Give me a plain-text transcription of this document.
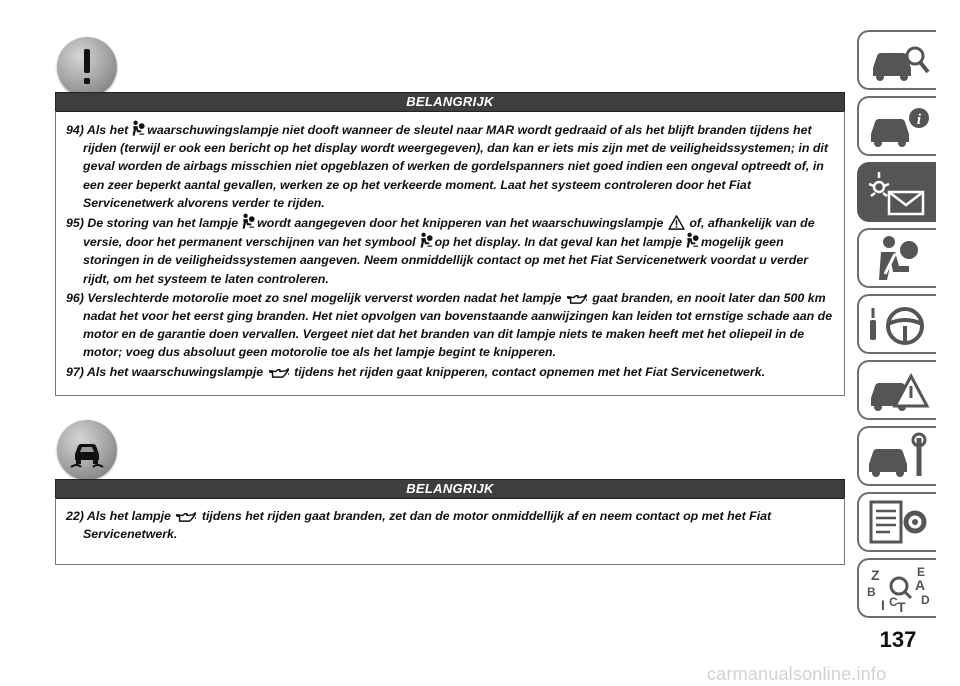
BELANGRIJK

94) Als het waarschuwingslampje niet dooft wanneer de sleutel naar MAR wordt gedraaid of als het blijft branden tijdens het rijden (terwijl er ook een bericht op het display wordt weergegeven), dan kan er iets mis zijn met de veiligheidssystemen; in dit geval worden de airbags misschien niet opgeblazen of werken de gordelspanners niet goed indien een ongeval optreedt of, in een zeer beperkt aantal gevallen, werken ze op het verkeerde moment. Laat het systeem controleren door het Fiat Servicenetwerk alvorens verder te rijden.

95) De storing van het lampje wordt aangegeven door het knipperen van het waarschuwingslampje of, afhankelijk van de versie, door het permanent verschijnen van het symbool op het display. In dat geval kan het lampje mogelijk geen storingen in de veiligheidssystemen aangeven. Neem onmiddellijk contact op met het Fiat Servicenetwerk voordat u verder rijdt, om het systeem te laten controleren.

96) Verslechterde motorolie moet zo snel mogelijk ververst worden nadat het lampje gaat branden, en nooit later dan 500 km nadat het voor het eerst ging branden. Het niet opvolgen van bovenstaande aanwijzingen kan leiden tot ernstige schade aan de motor en de garantie doen vervallen. Vergeet niet dat het branden van dit lampje niets te maken heeft met het oliepeil in de motor; voeg dus absoluut geen motorolie toe als het lampje begint te knipperen.

97) Als het waarschuwingslampje tijdens het rijden gaat knipperen, contact opnemen met het Fiat Servicenetwerk.

BELANGRIJK

22) Als het lampje tijdens het rijden gaat branden, zet dan de motor onmiddellijk af en neem contact op met het Fiat Servicenetwerk.

i
Z	E
A
B
D
I C T
137
carmanualsonline.info
